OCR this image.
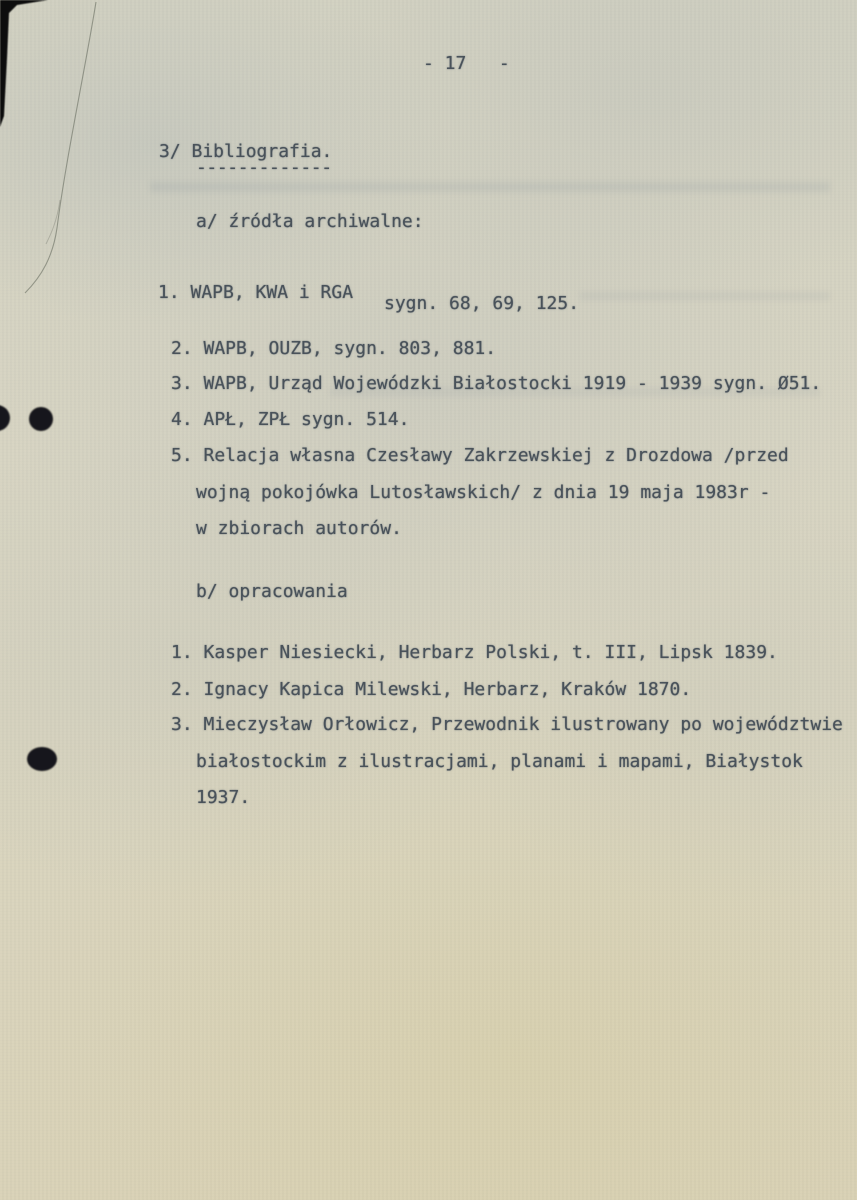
- 17   -
3/ Bibliografia.
-------------
a/ źródła archiwalne:
1. WAPB, KWA i RGA
sygn. 68, 69, 125.
2. WAPB, OUZB, sygn. 803, 881.
3. WAPB, Urząd Wojewódzki Białostocki 1919 - 1939 sygn. Ø51.
4. APŁ, ZPŁ sygn. 514.
5. Relacja własna Czesławy Zakrzewskiej z Drozdowa /przed
wojną pokojówka Lutosławskich/ z dnia 19 maja 1983r -
w zbiorach autorów.
b/ opracowania
1. Kasper Niesiecki, Herbarz Polski, t. III, Lipsk 1839.
2. Ignacy Kapica Milewski, Herbarz, Kraków 1870.
3. Mieczysław Orłowicz, Przewodnik ilustrowany po województwie
białostockim z ilustracjami, planami i mapami, Białystok
1937.
